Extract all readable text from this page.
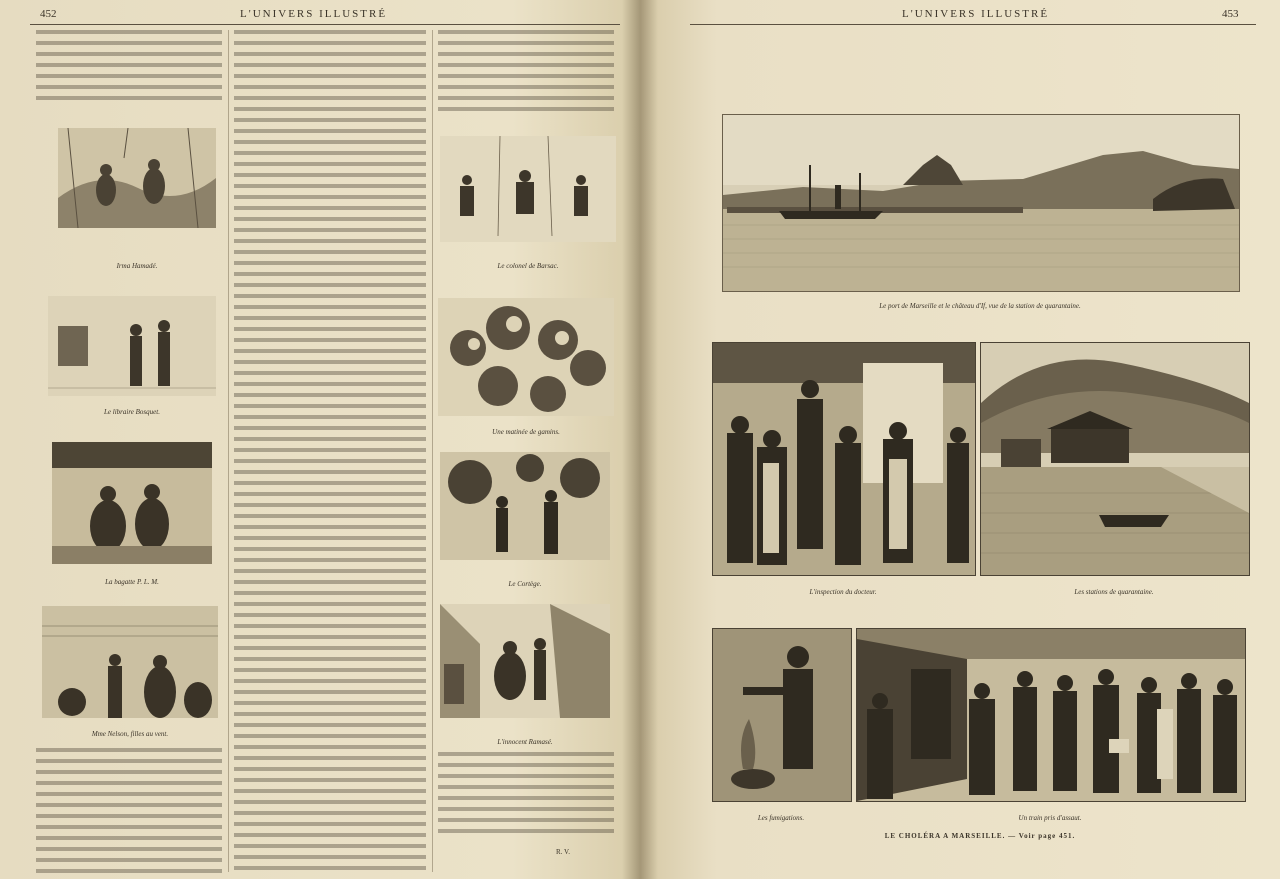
452	L'UNIVERS ILLUSTRÉ
Irma Hamadé.
Le libraire Bosquet.
La bagatte P. L. M.
Mme Nelson, filles au vent.
Le colonel de Barsac.
Une matinée de gamins.
Le Cortège.
L'innocent Ramasé.
R. V.
L'UNIVERS ILLUSTRÉ	453
Le port de Marseille et le château d'If, vue de la station de quarantaine.
L'inspection du docteur.	Les stations de quarantaine.
Les fumigations.	Un train pris d'assaut.
LE CHOLÉRA A MARSEILLE. — Voir page 451.
